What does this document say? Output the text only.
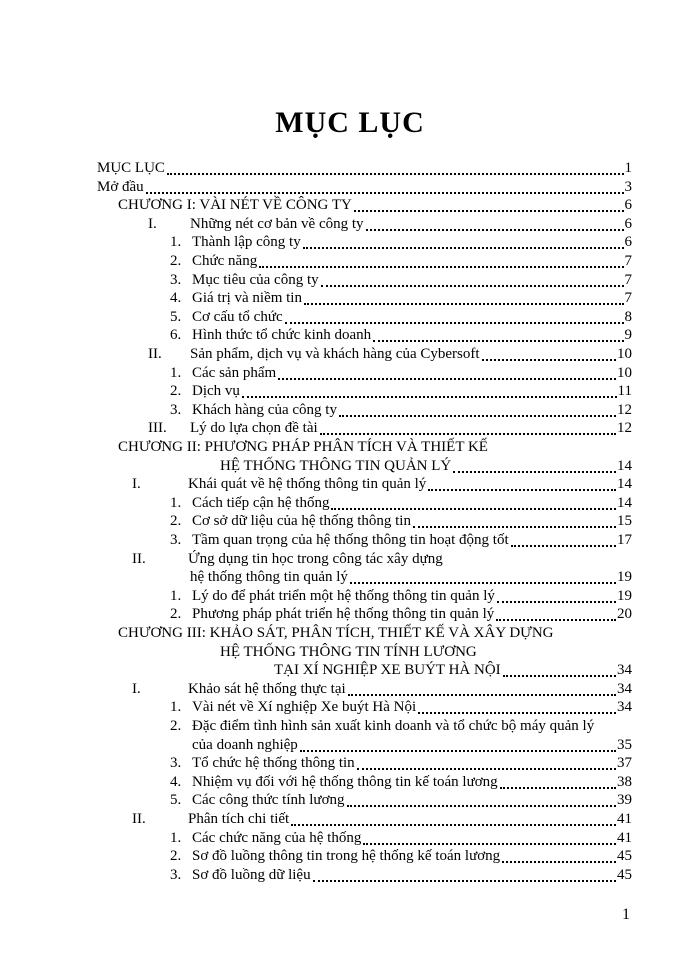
MỤC LỤC
MỤC LỤC	1
Mở đầu	3
CHƯƠNG I: VÀI NÉT VỀ CÔNG TY	6
I. Những nét cơ bản về công ty	6
1. Thành lập công ty	6
2. Chức năng	7
3. Mục tiêu của công ty	7
4. Giá trị và niềm tin	7
5. Cơ cấu tổ chức	8
6. Hình thức tổ chức kinh doanh	9
II. Sản phẩm, dịch vụ và khách hàng của Cybersoft	10
1. Các sản phẩm	10
2. Dịch vụ	11
3. Khách hàng của công ty	12
III. Lý do lựa chọn đề tài	12
CHƯƠNG II: PHƯƠNG PHÁP PHÂN TÍCH VÀ THIẾT KẾ
HỆ THỐNG THÔNG TIN QUẢN LÝ	14
I.	Khái quát về hệ thống thông tin quản lý	14
1. Cách tiếp cận hệ thống	14
2. Cơ sở dữ liệu của hệ thống thông tin	15
3. Tầm quan trọng của hệ thống thông tin hoạt động tốt	17
II.	Ứng dụng tin học trong công tác xây dựng
hệ thống thông tin quản lý	19
1. Lý do để phát triển một hệ thống thông tin quản lý	19
2. Phương pháp phát triển hệ thống thông tin quản lý	20
CHƯƠNG III: KHẢO SÁT, PHÂN TÍCH, THIẾT KẾ VÀ XÂY DỰNG
HỆ THỐNG THÔNG TIN TÍNH LƯƠNG
TẠI XÍ NGHIỆP XE BUÝT HÀ NỘI	34
I.	Khảo sát hệ thống thực tại	34
1. Vài nét về Xí nghiệp Xe buýt Hà Nội	34
2. Đặc điểm tình hình sản xuất kinh doanh và tổ chức bộ máy quản lý
của doanh nghiệp	35
3. Tổ chức hệ thống thông tin	37
4. Nhiệm vụ đối với hệ thống thông tin kế toán lương	38
5. Các công thức tính lương	39
II.	Phân tích chi tiết	41
1. Các chức năng của hệ thống	41
2. Sơ đồ luồng thông tin trong hệ thống kế toán lương	45
3. Sơ đồ luồng dữ liệu	45
1
